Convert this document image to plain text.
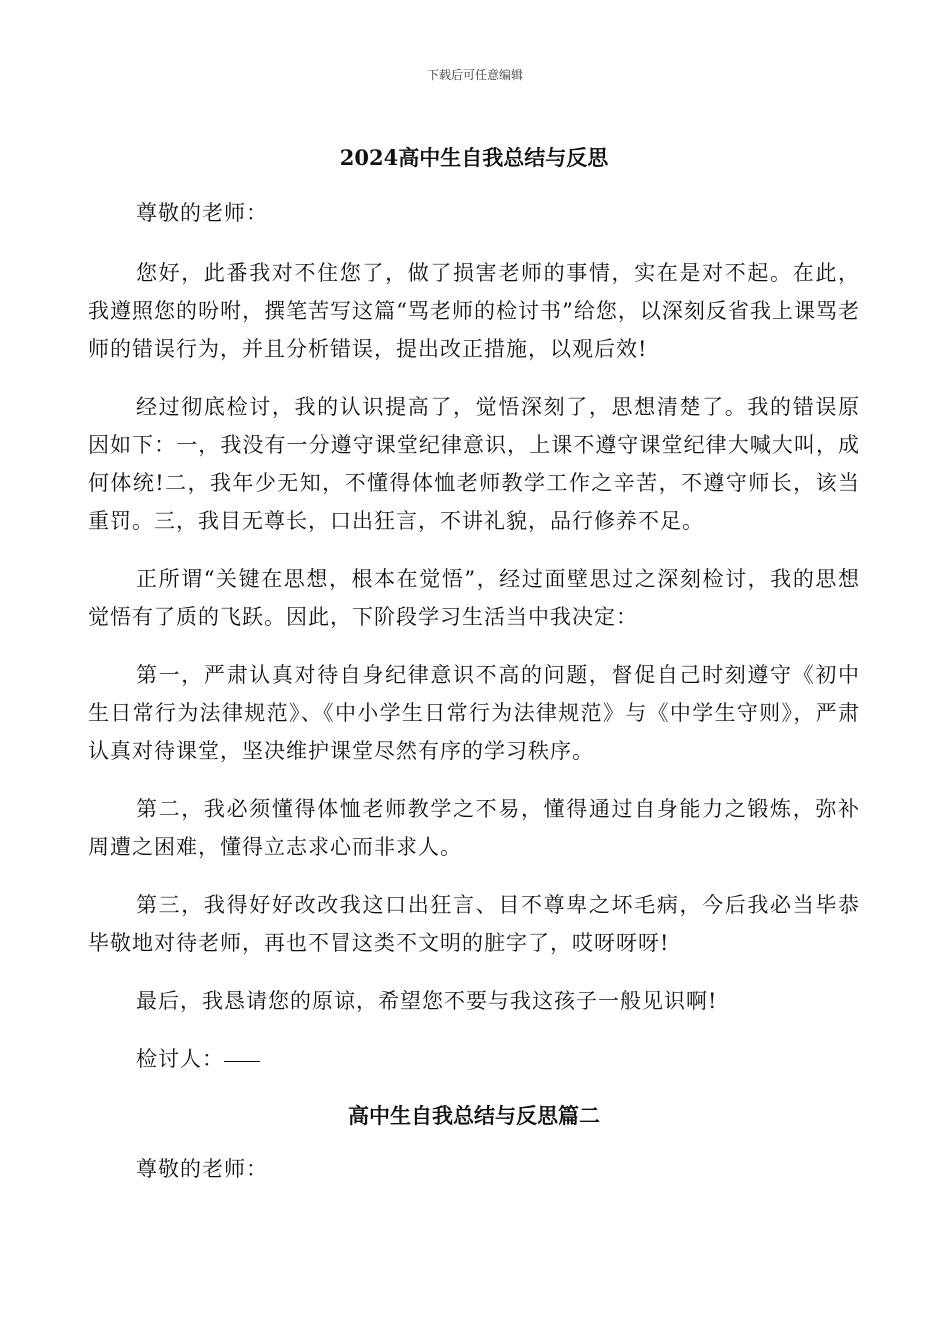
下载后可任意编辑
2024高中生自我总结与反思

尊敬的老师：

您好，此番我对不住您了，做了损害老师的事情，实在是对不起。在此，我遵照您的吩咐，撰笔苦写这篇“骂老师的检讨书”给您，以深刻反省我上课骂老师的错误行为，并且分析错误，提出改正措施，以观后效!

经过彻底检讨，我的认识提高了，觉悟深刻了，思想清楚了。我的错误原因如下：一，我没有一分遵守课堂纪律意识，上课不遵守课堂纪律大喊大叫，成何体统!二，我年少无知，不懂得体恤老师教学工作之辛苦，不遵守师长，该当重罚。三，我目无尊长，口出狂言，不讲礼貌，品行修养不足。

正所谓“关键在思想，根本在觉悟”，经过面壁思过之深刻检讨，我的思想觉悟有了质的飞跃。因此，下阶段学习生活当中我决定：

第一，严肃认真对待自身纪律意识不高的问题，督促自己时刻遵守《初中生日常行为法律规范》、《中小学生日常行为法律规范》与《中学生守则》，严肃认真对待课堂，坚决维护课堂尽然有序的学习秩序。

第二，我必须懂得体恤老师教学之不易，懂得通过自身能力之锻炼，弥补周遭之困难，懂得立志求心而非求人。

第三，我得好好改改我这口出狂言、目不尊卑之坏毛病，今后我必当毕恭毕敬地对待老师，再也不冒这类不文明的脏字了，哎呀呀呀!

最后，我恳请您的原谅，希望您不要与我这孩子一般见识啊!

检讨人：

高中生自我总结与反思篇二

尊敬的老师：
